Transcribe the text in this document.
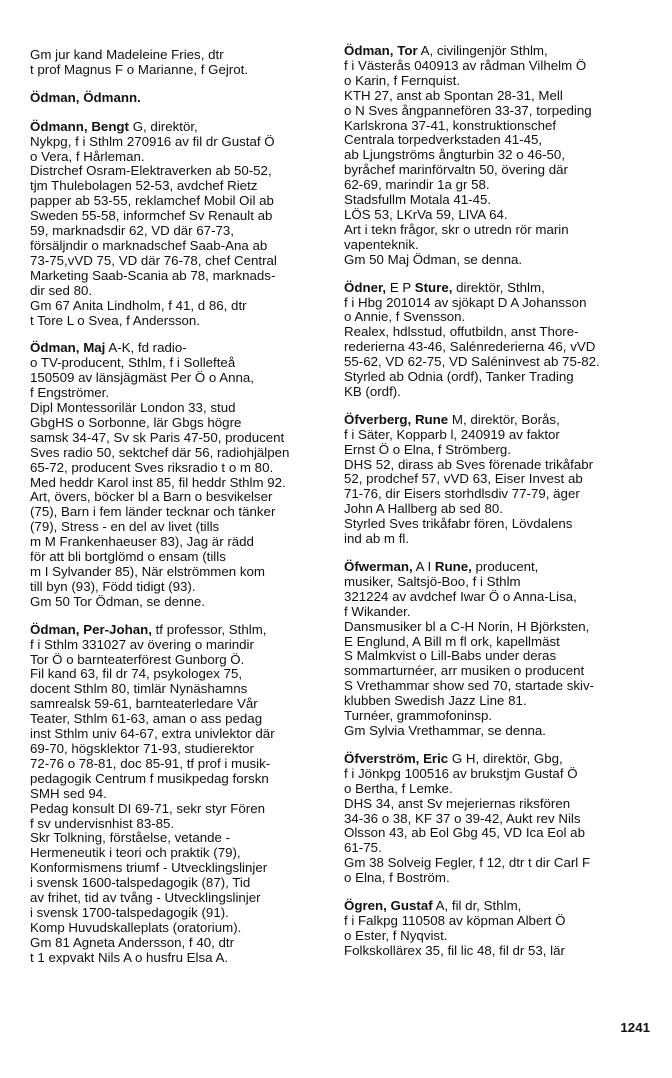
Gm jur kand Madeleine Fries, dtr
t prof Magnus F o Marianne, f Gejrot.
Ödman, Ödmann.
Ödmann, Bengt G, direktör,
Nykpg, f i Sthlm 270916 av fil dr Gustaf Ö
o Vera, f Hårleman.
Distrchef Osram-Elektraverken ab 50-52,
tjm Thulebolagen 52-53, avdchef Rietz
papper ab 53-55, reklamchef Mobil Oil ab
Sweden 55-58, informchef Sv Renault ab
59, marknadsdir 62, VD där 67-73,
försäljndir o marknadschef Saab-Ana ab
73-75,vVD 75, VD där 76-78, chef Central
Marketing Saab-Scania ab 78, marknads-
dir sed 80.
Gm 67 Anita Lindholm, f 41, d 86, dtr
t Tore L o Svea, f Andersson.
Ödman, Maj A-K, fd radio-
o TV-producent, Sthlm, f i Sollefteå
150509 av länsjägmäst Per Ö o Anna,
f Engströmer.
Dipl Montessorilär London 33, stud
GbgHS o Sorbonne, lär Gbgs högre
samsk 34-47, Sv sk Paris 47-50, producent
Sves radio 50, sektchef där 56, radiohjälpen
65-72, producent Sves riksradio t o m 80.
Med heddr Karol inst 85, fil heddr Sthlm 92.
Art, övers, böcker bl a Barn o besvikelser
(75), Barn i fem länder tecknar och tänker
(79), Stress - en del av livet (tills
m M Frankenhaeuser 83), Jag är rädd
för att bli bortglömd o ensam (tills
m I Sylvander 85), När elströmmen kom
till byn (93), Född tidigt (93).
Gm 50 Tor Ödman, se denne.
Ödman, Per-Johan, tf professor, Sthlm,
f i Sthlm 331027 av övering o marindir
Tor Ö o barnteaterförest Gunborg Ö.
Fil kand 63, fil dr 74, psykologex 75,
docent Sthlm 80, timlär Nynäshamns
samrealsk 59-61, barnteaterledare Vår
Teater, Sthlm 61-63, aman o ass pedag
inst Sthlm univ 64-67, extra univlektor där
69-70, högsklektor 71-93, studierektor
72-76 o 78-81, doc 85-91, tf prof i musik-
pedagogik Centrum f musikpedag forskn
SMH sed 94.
Pedag konsult DI 69-71, sekr styr Fören
f sv undervisnhist 83-85.
Skr Tolkning, förståelse, vetande -
Hermeneutik i teori och praktik (79),
Konformismens triumf - Utvecklingslinjer
i svensk 1600-talspedagogik (87), Tid
av frihet, tid av tvång - Utvecklingslinjer
i svensk 1700-talspedagogik (91).
Komp Huvudskalleplats (oratorium).
Gm 81 Agneta Andersson, f 40, dtr
t 1 expvakt Nils A o husfru Elsa A.
Ödman, Tor A, civilingenjör Sthlm,
f i Västerås 040913 av rådman Vilhelm Ö
o Karin, f Fernquist.
KTH 27, anst ab Spontan 28-31, Mell
o N Sves ångpannefören 33-37, torpeding
Karlskrona 37-41, konstruktionschef
Centrala torpedverkstaden 41-45,
ab Ljungströms ångturbin 32 o 46-50,
byråchef marinförvaltn 50, övering där
62-69, marindir 1a gr 58.
Stadsfullm Motala 41-45.
LÖS 53, LKrVa 59, LIVA 64.
Art i tekn frågor, skr o utredn rör marin
vapenteknik.
Gm 50 Maj Ödman, se denna.
Ödner, E P Sture, direktör, Sthlm,
f i Hbg 201014 av sjökapt D A Johansson
o Annie, f Svensson.
Realex, hdlsstud, offutbildn, anst Thore-
rederierna 43-46, Salénrederierna 46, vVD
55-62, VD 62-75, VD Saléninvest ab 75-82.
Styrled ab Odnia (ordf), Tanker Trading
KB (ordf).
Öfverberg, Rune M, direktör, Borås,
f i Säter, Kopparb l, 240919 av faktor
Ernst Ö o Elna, f Strömberg.
DHS 52, dirass ab Sves förenade trikåfabr
52, prodchef 57, vVD 63, Eiser Invest ab
71-76, dir Eisers storhdlsdiv 77-79, äger
John A Hallberg ab sed 80.
Styrled Sves trikåfabr fören, Lövdalens
ind ab m fl.
Öfwerman, A I Rune, producent,
musiker, Saltsjö-Boo, f i Sthlm
321224 av avdchef Iwar Ö o Anna-Lisa,
f Wikander.
Dansmusiker bl a C-H Norin, H Björksten,
E Englund, A Bill m fl ork, kapellmäst
S Malmkvist o Lill-Babs under deras
sommarturnéer, arr musiken o producent
S Vrethammar show sed 70, startade skiv-
klubben Swedish Jazz Line 81.
Turnéer, grammofoninsp.
Gm Sylvia Vrethammar, se denna.
Öfverström, Eric G H, direktör, Gbg,
f i Jönkpg 100516 av brukstjm Gustaf Ö
o Bertha, f Lemke.
DHS 34, anst Sv mejeriernas riksfören
34-36 o 38, KF 37 o 39-42, Aukt rev Nils
Olsson 43, ab Eol Gbg 45, VD Ica Eol ab
61-75.
Gm 38 Solveig Fegler, f 12, dtr t dir Carl F
o Elna, f Boström.
Ögren, Gustaf A, fil dr, Sthlm,
f i Falkpg 110508 av köpman Albert Ö
o Ester, f Nyqvist.
Folkskollärex 35, fil lic 48, fil dr 53, lär
1241
